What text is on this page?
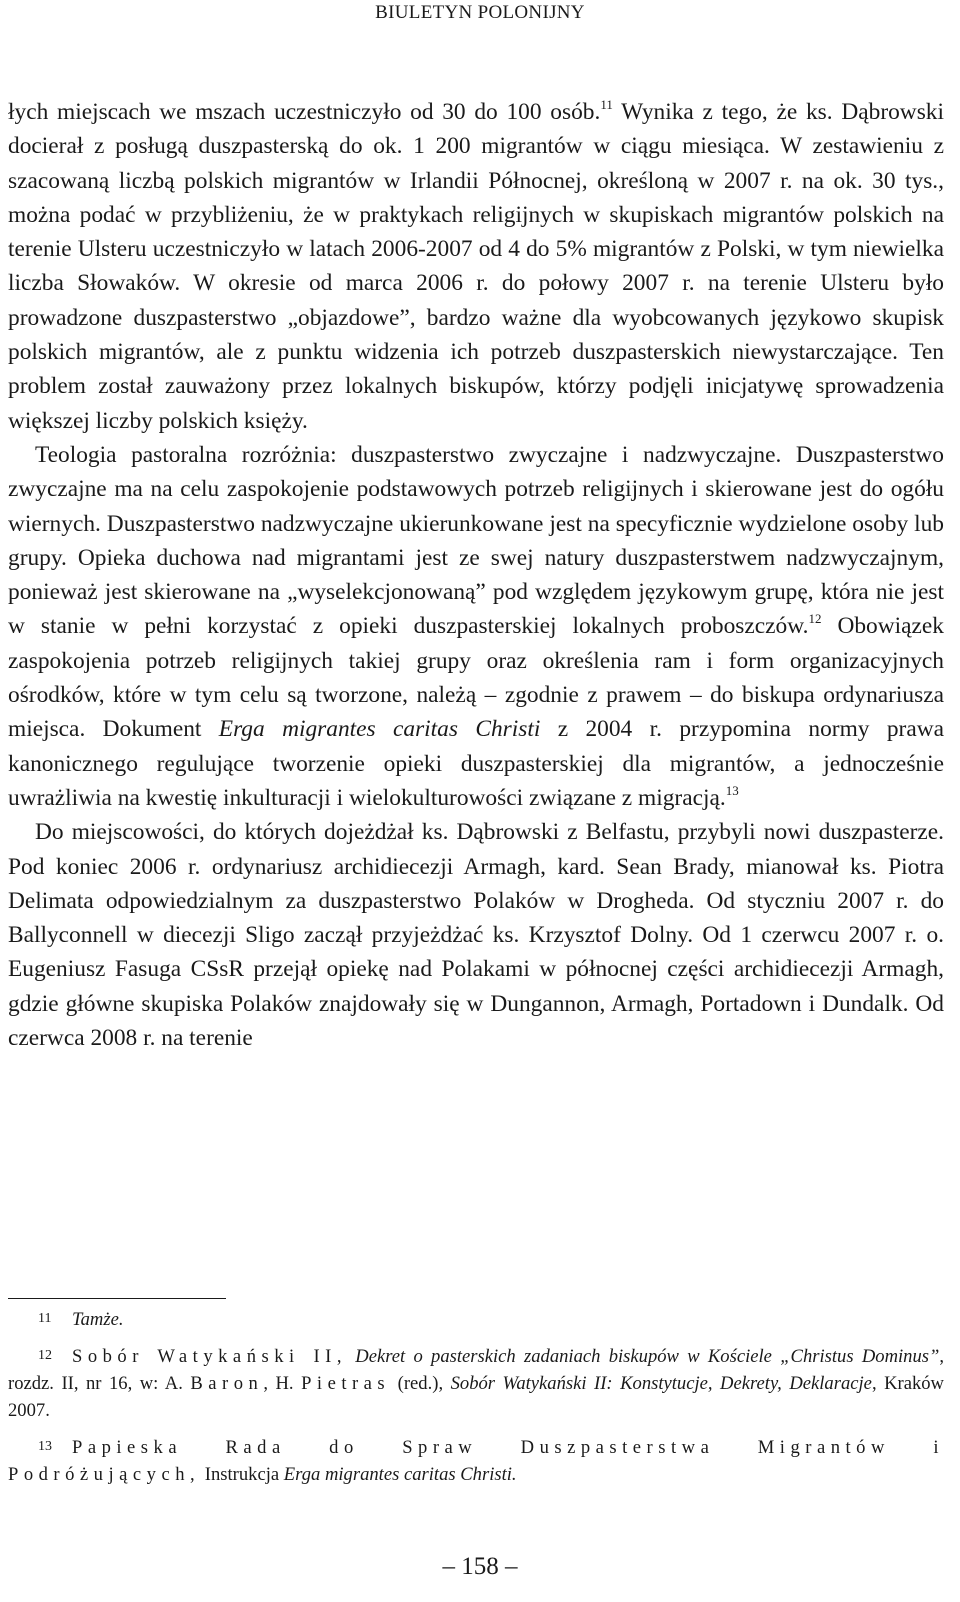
BIULETYN POLONIJNY

łych miejscach we mszach uczestniczyło od 30 do 100 osób.$^{11}$ Wynika z tego, że ks. Dąbrowski docierał z posługą duszpasterską do ok. 1 200 migrantów w ciągu miesiąca. W zestawieniu z szacowaną liczbą polskich migrantów w Irlandii Północnej, określoną w 2007 r. na ok. 30 tys., można podać w przybliżeniu, że w praktykach religijnych w skupiskach migrantów polskich na terenie Ulsteru uczestniczyło w latach 2006-2007 od 4 do 5% migrantów z Polski, w tym niewielka liczba Słowaków. W okresie od marca 2006 r. do połowy 2007 r. na terenie Ulsteru było prowadzone duszpasterstwo „objazdowe”, bardzo ważne dla wyobcowanych językowo skupisk polskich migrantów, ale z punktu widzenia ich potrzeb duszpasterskich niewystarczające. Ten problem został zauważony przez lokalnych biskupów, którzy podjęli inicjatywę sprowadzenia większej liczby polskich księży.

Teologia pastoralna rozróżnia: duszpasterstwo zwyczajne i nadzwyczajne. Duszpasterstwo zwyczajne ma na celu zaspokojenie podstawowych potrzeb religijnych i skierowane jest do ogółu wiernych. Duszpasterstwo nadzwyczajne ukierunkowane jest na specyficznie wydzielone osoby lub grupy. Opieka duchowa nad migrantami jest ze swej natury duszpasterstwem nadzwyczajnym, ponieważ jest skierowane na „wyselekcjonowaną” pod względem językowym grupę, która nie jest w stanie w pełni korzystać z opieki duszpasterskiej lokalnych proboszczów.$^{12}$ Obowiązek zaspokojenia potrzeb religijnych takiej grupy oraz określenia ram i form organizacyjnych ośrodków, które w tym celu są tworzone, należą – zgodnie z prawem – do biskupa ordynariusza miejsca. Dokument Erga migrantes caritas Christi z 2004 r. przypomina normy prawa kanonicznego regulujące tworzenie opieki duszpasterskiej dla migrantów, a jednocześnie uwrażliwia na kwestię inkulturacji i wielokulturowości związane z migracją.$^{13}$

Do miejscowości, do których dojeżdżał ks. Dąbrowski z Belfastu, przybyli nowi duszpasterze. Pod koniec 2006 r. ordynariusz archidiecezji Armagh, kard. Sean Brady, mianował ks. Piotra Delimata odpowiedzialnym za duszpasterstwo Polaków w Drogheda. Od styczniu 2007 r. do Ballyconnell w diecezji Sligo zaczął przyjeżdżać ks. Krzysztof Dolny. Od 1 czerwcu 2007 r. o. Eugeniusz Fasuga CSsR przejął opiekę nad Polakami w północnej części archidiecezji Armagh, gdzie główne skupiska Polaków znajdowały się w Dungannon, Armagh, Portadown i Dundalk. Od czerwca 2008 r. na terenie

11 Tamże.

12 Sobór Watykański II, Dekret o pasterskich zadaniach biskupów w Kościele „Christus Dominus”, rozdz. II, nr 16, w: A. Baron, H. Pietras (red.), Sobór Watykański II: Konstytucje, Dekrety, Deklaracje, Kraków 2007.

13 Papieska Rada do Spraw Duszpasterstwa Migrantów i Podróżujących, Instrukcja Erga migrantes caritas Christi.

– 158 –
